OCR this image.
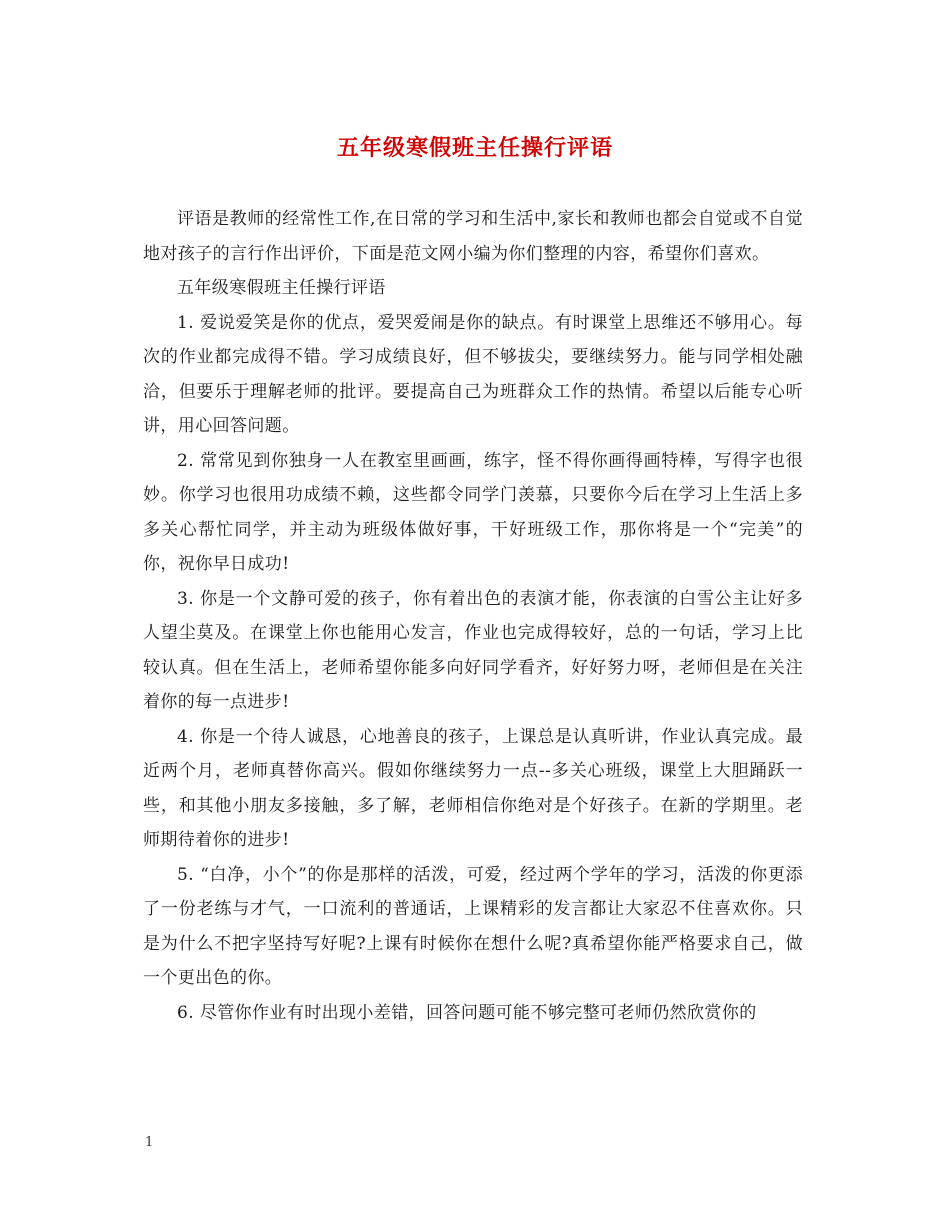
五年级寒假班主任操行评语

评语是教师的经常性工作,在日常的学习和生活中,家长和教师也都会自觉或不自觉地对孩子的言行作出评价，下面是范文网小编为你们整理的内容，希望你们喜欢。

五年级寒假班主任操行评语

1. 爱说爱笑是你的优点，爱哭爱闹是你的缺点。有时课堂上思维还不够用心。每次的作业都完成得不错。学习成绩良好，但不够拔尖，要继续努力。能与同学相处融洽，但要乐于理解老师的批评。要提高自己为班群众工作的热情。希望以后能专心听讲，用心回答问题。

2. 常常见到你独身一人在教室里画画，练字，怪不得你画得画特棒，写得字也很妙。你学习也很用功成绩不赖，这些都令同学门羡慕，只要你今后在学习上生活上多多关心帮忙同学，并主动为班级体做好事，干好班级工作，那你将是一个“完美”的你，祝你早日成功!

3. 你是一个文静可爱的孩子，你有着出色的表演才能，你表演的白雪公主让好多人望尘莫及。在课堂上你也能用心发言，作业也完成得较好，总的一句话，学习上比较认真。但在生活上，老师希望你能多向好同学看齐，好好努力呀，老师但是在关注着你的每一点进步!

4. 你是一个待人诚恳，心地善良的孩子，上课总是认真听讲，作业认真完成。最近两个月，老师真替你高兴。假如你继续努力一点--多关心班级，课堂上大胆踊跃一些，和其他小朋友多接触，多了解，老师相信你绝对是个好孩子。在新的学期里。老师期待着你的进步!

5. “白净，小个”的你是那样的活泼，可爱，经过两个学年的学习，活泼的你更添了一份老练与才气，一口流利的普通话，上课精彩的发言都让大家忍不住喜欢你。只是为什么不把字坚持写好呢?上课有时候你在想什么呢?真希望你能严格要求自己，做一个更出色的你。

6. 尽管你作业有时出现小差错，回答问题可能不够完整可老师仍然欣赏你的

1
